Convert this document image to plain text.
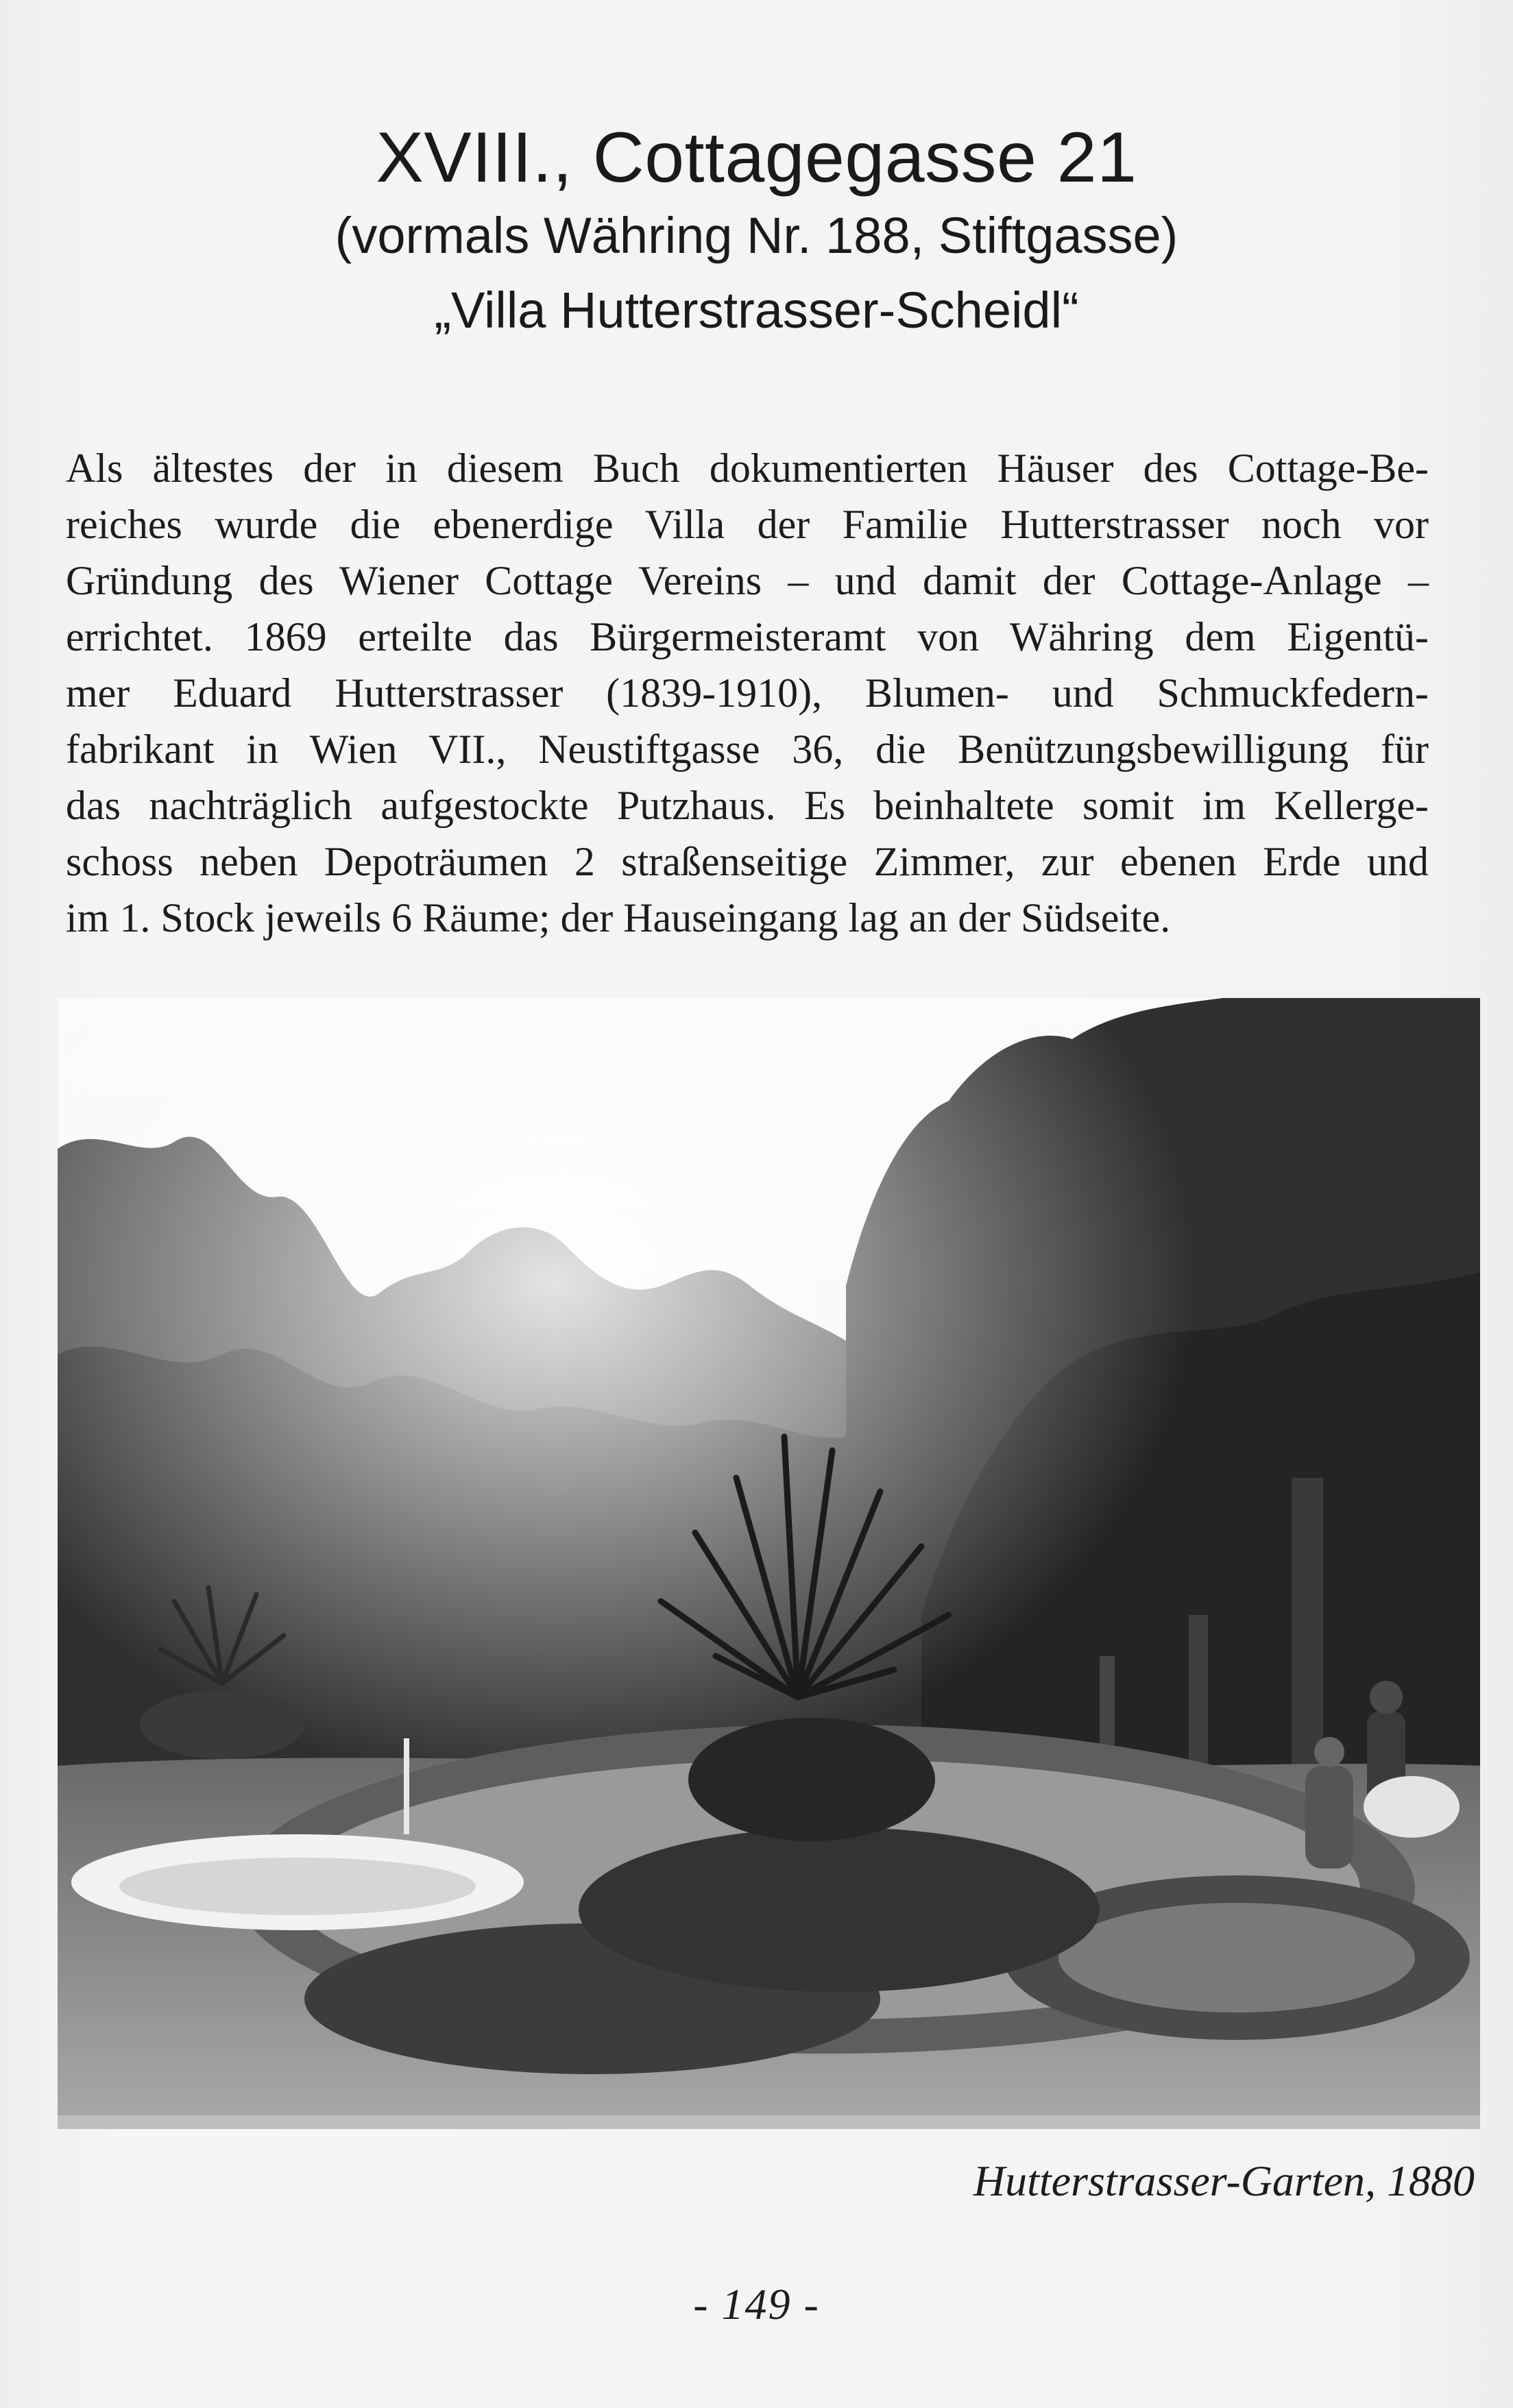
XVIII., Cottagegasse 21
(vormals Währing Nr. 188, Stiftgasse)
„Villa Hutterstrasser-Scheidl“

Als ältestes der in diesem Buch dokumentierten Häuser des Cottage-Be-
reiches wurde die ebenerdige Villa der Familie Hutterstrasser noch vor
Gründung des Wiener Cottage Vereins – und damit der Cottage-Anlage –
errichtet. 1869 erteilte das Bürgermeisteramt von Währing dem Eigentü-
mer Eduard Hutterstrasser (1839-1910), Blumen- und Schmuckfedern-
fabrikant in Wien VII., Neustiftgasse 36, die Benützungsbewilligung für
das nachträglich aufgestockte Putzhaus. Es beinhaltete somit im Kellerge-
schoss neben Depoträumen 2 straßenseitige Zimmer, zur ebenen Erde und
im 1. Stock jeweils 6 Räume; der Hauseingang lag an der Südseite.

Hutterstrasser-Garten, 1880
- 149 -
